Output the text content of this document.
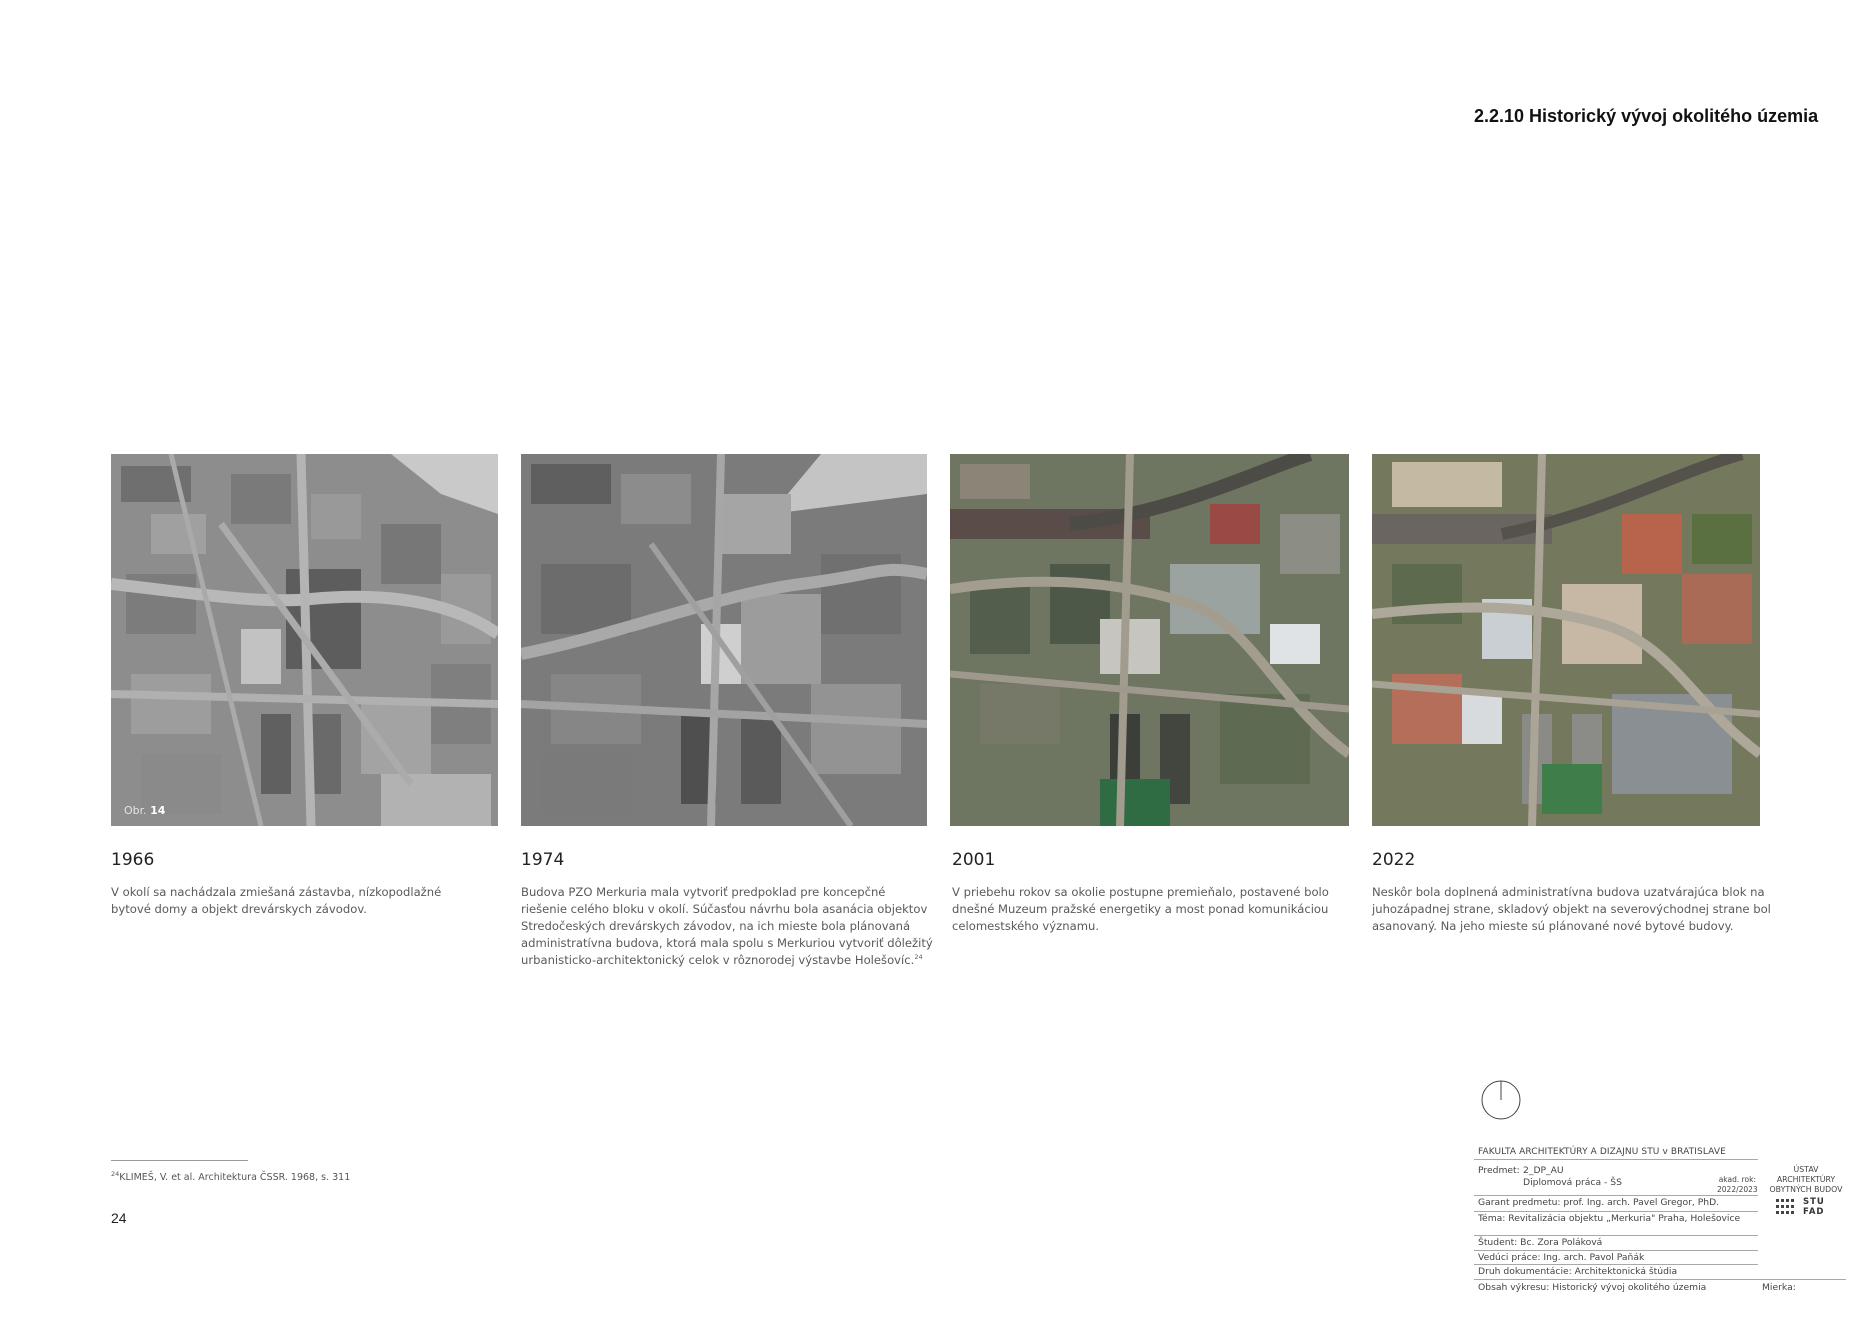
2.2.10 Historický vývoj okolitého územia
Obr. 14
1966
V okolí sa nachádzala zmiešaná zástavba, nízkopodlažné
bytové domy a objekt drevárskych závodov.
1974
Budova PZO Merkuria mala vytvoriť predpoklad pre koncepčné
riešenie celého bloku v okolí. Súčasťou návrhu bola asanácia objektov
Stredočeských drevárskych závodov, na ich mieste bola plánovaná
administratívna budova, ktorá mala spolu s Merkuriou vytvoriť dôležitý
urbanisticko-architektonický celok v rôznorodej výstavbe Holešovíc.$^{24}$
2001
V priebehu rokov sa okolie postupne premieňalo, postavené bolo
dnešné Muzeum pražské energetiky a most ponad komunikáciou
celomestského významu.
2022
Neskôr bola doplnená administratívna budova uzatvárajúca blok na
juhozápadnej strane, skladový objekt na severovýchodnej strane bol
asanovaný. Na jeho mieste sú plánované nové bytové budovy.
$^{24}$KLIMEŠ, V. et al. Architektura ČSSR. 1968, s. 311
24
FAKULTA ARCHITEKTÚRY A DIZAJNU STU v BRATISLAVE
Predmet: 2_DP_AU
Diplomová práca - ŠS	akad. rok:
2022/2023
ÚSTAV ARCHITEKTÚRY
OBYTNÝCH BUDOV
STU
FAD
Garant predmetu: prof. Ing. arch. Pavel Gregor, PhD.
Téma: Revitalizácia objektu „Merkuria" Praha, Holešovice
Študent: Bc. Zora Poláková
Vedúci práce: Ing. arch. Pavol Paňák
Druh dokumentácie: Architektonická štúdia
Obsah výkresu: Historický vývoj okolitého územia	Mierka:
